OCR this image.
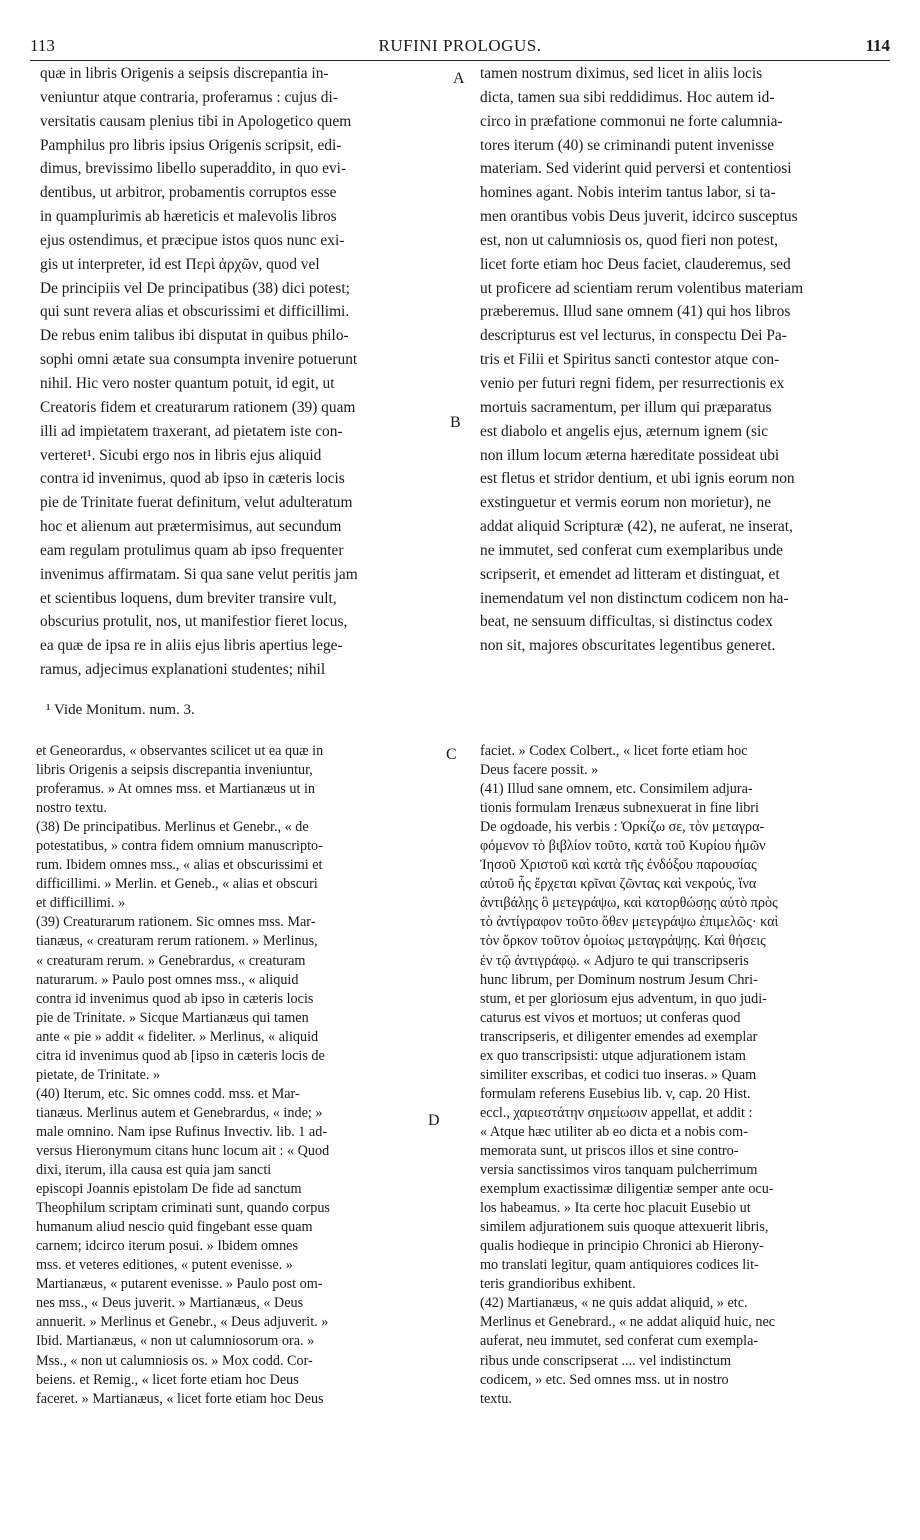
113	RUFINI PROLOGUS.	114
quæ in libris Origenis a seipsis discrepantia in-
veniuntur atque contraria, proferamus : cujus di-
versitatis causam plenius tibi in Apologetico quem
Pamphilus pro libris ipsius Origenis scripsit, edi-
dimus, brevissimo libello superaddito, in quo evi-
dentibus, ut arbitror, probamentis corruptos esse
in quamplurimis ab hæreticis et malevolis libros
ejus ostendimus, et præcipue istos quos nunc exi-
gis ut interpreter, id est Περὶ ἀρχῶν, quod vel
De principiis vel De principatibus (38) dici potest;
qui sunt revera alias et obscurissimi et difficillimi.
De rebus enim talibus ibi disputat in quibus philo-
sophi omni ætate sua consumpta invenire potuerunt
nihil. Hic vero noster quantum potuit, id egit, ut
Creatoris fidem et creaturarum rationem (39) quam
illi ad impietatem traxerant, ad pietatem iste con-
verteret¹. Sicubi ergo nos in libris ejus aliquid
contra id invenimus, quod ab ipso in cæteris locis
pie de Trinitate fuerat definitum, velut adulteratum
hoc et alienum aut prætermisimus, aut secundum
eam regulam protulimus quam ab ipso frequenter
invenimus affirmatam. Si qua sane velut peritis jam
et scientibus loquens, dum breviter transire vult,
obscurius protulit, nos, ut manifestior fieret locus,
ea quæ de ipsa re in aliis ejus libris apertius lege-
ramus, adjecimus explanationi studentes; nihil
tamen nostrum diximus, sed licet in aliis locis
dicta, tamen sua sibi reddidimus. Hoc autem id-
circo in præfatione commonui ne forte calumnia-
tores iterum (40) se criminandi putent invenisse
materiam. Sed viderint quid perversi et contentiosi
homines agant. Nobis interim tantus labor, si ta-
men orantibus vobis Deus juverit, idcirco susceptus
est, non ut calumniosis os, quod fieri non potest,
licet forte etiam hoc Deus faciet, clauderemus, sed
ut proficere ad scientiam rerum volentibus materiam
præberemus. Illud sane omnem (41) qui hos libros
descripturus est vel lecturus, in conspectu Dei Pa-
tris et Filii et Spiritus sancti contestor atque con-
venio per futuri regni fidem, per resurrectionis ex
mortuis sacramentum, per illum qui præparatus
est diabolo et angelis ejus, æternum ignem (sic
non illum locum æterna hæreditate possideat ubi
est fletus et stridor dentium, et ubi ignis eorum non
exstinguetur et vermis eorum non morietur), ne
addat aliquid Scripturæ (42), ne auferat, ne inserat,
ne immutet, sed conferat cum exemplaribus unde
scripserit, et emendet ad litteram et distinguat, et
inemendatum vel non distinctum codicem non ha-
beat, ne sensuum difficultas, si distinctus codex
non sit, majores obscuritates legentibus generet.
A
B
¹ Vide Monitum. num. 3.
et Geneorardus, « observantes scilicet ut ea quæ in
libris Origenis a seipsis discrepantia inveniuntur,
proferamus. » At omnes mss. et Martianæus ut in
nostro textu.
(38) De principatibus. Merlinus et Genebr., « de
potestatibus, » contra fidem omnium manuscripto-
rum. Ibidem omnes mss., « alias et obscurissimi et
difficillimi. » Merlin. et Geneb., « alias et obscuri
et difficillimi. »
(39) Creaturarum rationem. Sic omnes mss. Mar-
tianæus, « creaturam rerum rationem. » Merlinus,
« creaturam rerum. » Genebrardus, « creaturam
naturarum. » Paulo post omnes mss., « aliquid
contra id invenimus quod ab ipso in cæteris locis
pie de Trinitate. » Sicque Martianæus qui tamen
ante « pie » addit « fideliter. » Merlinus, « aliquid
citra id invenimus quod ab [ipso in cæteris locis de
pietate, de Trinitate. »
(40) Iterum, etc. Sic omnes codd. mss. et Mar-
tianæus. Merlinus autem et Genebrardus, « inde; »
male omnino. Nam ipse Rufinus Invectiv. lib. 1 ad-
versus Hieronymum citans hunc locum ait : « Quod
dixi, iterum, illa causa est quia jam sancti
episcopi Joannis epistolam De fide ad sanctum
Theophilum scriptam criminati sunt, quando corpus
humanum aliud nescio quid fingebant esse quam
carnem; idcirco iterum posui. » Ibidem omnes
mss. et veteres editiones, « putent evenisse. »
Martianæus, « putarent evenisse. » Paulo post om-
nes mss., « Deus juverit. » Martianæus, « Deus
annuerit. » Merlinus et Genebr., « Deus adjuverit. »
Ibid. Martianæus, « non ut calumniosorum ora. »
Mss., « non ut calumniosis os. » Mox codd. Cor-
beiens. et Remig., « licet forte etiam hoc Deus
faceret. » Martianæus, « licet forte etiam hoc Deus
faciet. » Codex Colbert., « licet forte etiam hoc
Deus facere possit. »
(41) Illud sane omnem, etc. Consimilem adjura-
tionis formulam Irenæus subnexuerat in fine libri
De ogdoade, his verbis : Ὁρκίζω σε, τὸν μεταγρα-
φόμενον τὸ βιβλίον τοῦτο, κατὰ τοῦ Κυρίου ἡμῶν
Ἰησοῦ Χριστοῦ καὶ κατὰ τῆς ἐνδόξου παρουσίας
αὐτοῦ ἧς ἔρχεται κρῖναι ζῶντας καὶ νεκρούς, ἵνα
ἀντιβάλῃς ὃ μετεγράψω, καὶ κατορθώσῃς αὐτὸ πρὸς
τὸ ἀντίγραφον τοῦτο ὅθεν μετεγράψω ἐπιμελῶς· καὶ
τὸν ὅρκον τοῦτον ὁμοίως μεταγράψῃς. Καὶ θήσεις
ἐν τῷ ἀντιγράφῳ. « Adjuro te qui transcripseris
hunc librum, per Dominum nostrum Jesum Chri-
stum, et per gloriosum ejus adventum, in quo judi-
caturus est vivos et mortuos; ut conferas quod
transcripseris, et diligenter emendes ad exemplar
ex quo transcripsisti: utque adjurationem istam
similiter exscribas, et codici tuo inseras. » Quam
formulam referens Eusebius lib. v, cap. 20 Hist.
eccl., χαριεστάτην σημείωσιν appellat, et addit :
« Atque hæc utiliter ab eo dicta et a nobis com-
memorata sunt, ut priscos illos et sine contro-
versia sanctissimos viros tanquam pulcherrimum
exemplum exactissimæ diligentiæ semper ante ocu-
los habeamus. » Ita certe hoc placuit Eusebio ut
similem adjurationem suis quoque attexuerit libris,
qualis hodieque in principio Chronici ab Hierony-
mo translati legitur, quam antiquiores codices lit-
teris grandioribus exhibent.
(42) Martianæus, « ne quis addat aliquid, » etc.
Merlinus et Genebrard., « ne addat aliquid huic, nec
auferat, neu immutet, sed conferat cum exempla-
ribus unde conscripserat .... vel indistinctum
codicem, » etc. Sed omnes mss. ut in nostro
textu.
C
D
